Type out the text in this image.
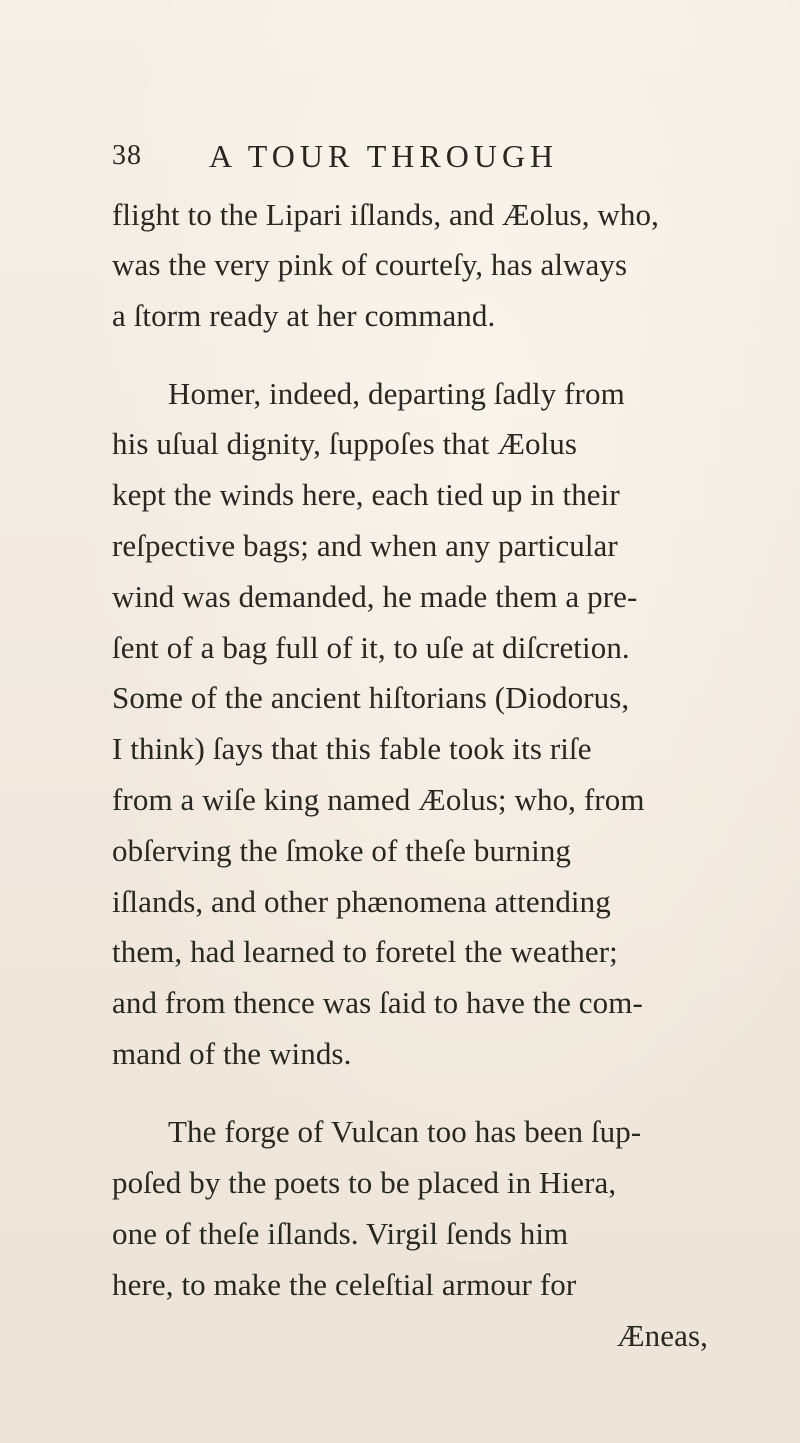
38 A TOUR THROUGH
flight to the Lipari iſlands, and Æolus, who,
was the very pink of courteſy, has always
a ſtorm ready at her command.
Homer, indeed, departing ſadly from
his uſual dignity, ſuppoſes that Æolus
kept the winds here, each tied up in their
reſpective bags; and when any particular
wind was demanded, he made them a pre-
ſent of a bag full of it, to uſe at diſcretion.
Some of the ancient hiſtorians (Diodorus,
I think) ſays that this fable took its riſe
from a wiſe king named Æolus; who, from
obſerving the ſmoke of theſe burning
iſlands, and other phænomena attending
them, had learned to foretel the weather;
and from thence was ſaid to have the com-
mand of the winds.
The forge of Vulcan too has been ſup-
poſed by the poets to be placed in Hiera,
one of theſe iſlands. Virgil ſends him
here, to make the celeſtial armour for
Æneas,
